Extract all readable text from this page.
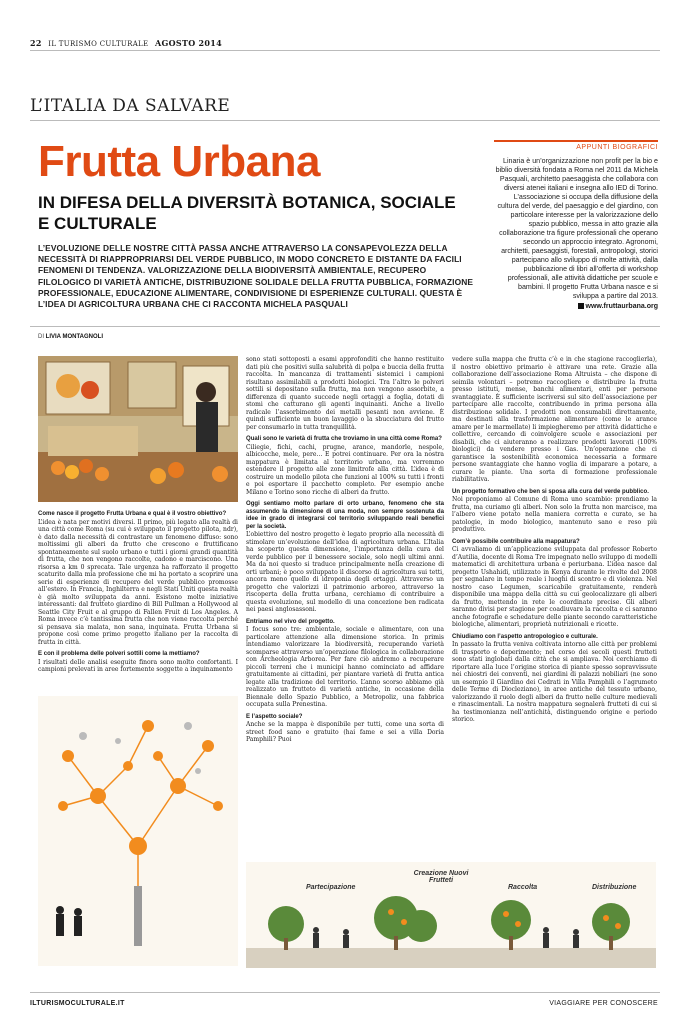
22 IL TURISMO CULTURALE AGOSTO 2014
L’ITALIA DA SALVARE
Frutta Urbana
IN DIFESA DELLA DIVERSITÀ BOTANICA, SOCIALE E CULTURALE
L’EVOLUZIONE DELLE NOSTRE CITTÀ PASSA ANCHE ATTRAVERSO LA CONSAPEVOLEZZA DELLA NECESSITÀ DI RIAPPROPRIARSI DEL VERDE PUBBLICO, IN MODO CONCRETO E DISTANTE DA FACILI FENOMENI DI TENDENZA. VALORIZZAZIONE DELLA BIODIVERSITÀ AMBIENTALE, RECUPERO FILOLOGICO DI VARIETÀ ANTICHE, DISTRIBUZIONE SOLIDALE DELLA FRUTTA PUBBLICA, FORMAZIONE PROFESSIONALE, EDUCAZIONE ALIMENTARE, CONDIVISIONE DI ESPERIENZE CULTURALI. QUESTA È L’IDEA DI AGRICOLTURA URBANA CHE CI RACCONTA MICHELA PASQUALI
APPUNTI BIOGRAFICI
Linaria è un’organizzazione non profit per la bio e biblio diversità fondata a Roma nel 2011 da Michela Pasquali, architetto paesaggista che collabora con diversi atenei italiani e insegna allo IED di Torino. L’associazione si occupa della diffusione della cultura del verde, del paesaggio e del giardino, con particolare interesse per la valorizzazione dello spazio pubblico, messa in atto grazie alla collaborazione tra figure professionali che operano secondo un approccio integrato. Agronomi, architetti, paesaggisti, forestali, antropologi, storici partecipano allo sviluppo di molte attività, dalla pubblicazione di libri all’offerta di workshop professionali, alle attività didattiche per scuole e bambini. Il progetto Frutta Urbana nasce e si sviluppa a partire dal 2013.
www.fruttaurbana.org
DI LIVIA MONTAGNOLI

Come nasce il progetto Frutta Urbana e qual è il vostro obiettivo?

L’idea è nata per motivi diversi. Il primo, più legato alla realtà di una città come Roma (su cui è sviluppato il progetto pilota, ndr), è dato dalla necessità di contrastare un fenomeno diffuso: sono moltissimi gli alberi da frutto che crescono e fruttificano spontaneamente sul suolo urbano e tutti i giorni grandi quantità di frutta, che non vengono raccolte, cadono e marciscono. Una risorsa a km 0 sprecata. Tale urgenza ha rafforzato il progetto scaturito dalla mia professione che mi ha portato a scoprire una serie di esperienze di recupero del verde pubblico promosse all’estero. In Francia, Inghilterra e negli Stati Uniti questa realtà è già molto sviluppata da anni. Esistono molte iniziative interessanti: dal frutteto giardino di Bill Pullman a Hollywood al Seattle City Fruit e al gruppo di Fallen Fruit di Los Angeles. A Roma invece c’è tantissima frutta che non viene raccolta perché si pensava sia malata, non sana, inquinata. Frutta Urbana si propone così come primo progetto italiano per la raccolta di frutta in città.

E con il problema delle polveri sottili come la mettiamo?

I risultati delle analisi eseguite finora sono molto confortanti. I campioni prelevati in aree fortemente soggette a inquinamento

sono stati sottoposti a esami approfonditi che hanno restituito dati più che positivi sulla salubrità di polpa e buccia della frutta raccolta. In mancanza di trattamenti sistemici i campioni risultano assimilabili a prodotti biologici. Tra l’altro le polveri sottili si depositano sulla frutta, ma non vengono assorbite, a differenza di quanto succede negli ortaggi a foglia, dotati di stomi che catturano gli agenti inquinanti. Anche a livello radicale l’assorbimento dei metalli pesanti non avviene. È quindi sufficiente un buon lavaggio o la sbucciatura del frutto per consumarlo in tutta tranquillità.

Quali sono le varietà di frutta che troviamo in una città come Roma?

Ciliegie, fichi, cachi, prugne, arance, mandorle, nespole, albicocche, mele, pere… E potrei continuare. Per ora la nostra mappatura è limitata al territorio urbano, ma vorremmo estendere il progetto alle zone limitrofe alla città. L’idea è di costruire un modello pilota che funzioni al 100% su tutti i fronti e poi esportare il pacchetto completo. Per esempio anche Milano e Torino sono ricche di alberi da frutto.

Oggi sentiamo molto parlare di orto urbano, fenomeno che sta assumendo la dimensione di una moda, non sempre sostenuta da idee in grado di integrarsi col territorio sviluppando reali benefici per la società.

L’obiettivo del nostro progetto è legato proprio alla necessità di stimolare un’evoluzione dell’idea di agricoltura urbana. L’Italia ha scoperto questa dimensione, l’importanza della cura del verde pubblico per il benessere sociale, solo negli ultimi anni. Ma da noi questo si traduce principalmente nella creazione di orti urbani; è poco sviluppato il discorso di agricoltura sui tetti, ancora meno quello di idroponia degli ortaggi. Attraverso un progetto che valorizzi il patrimonio arboreo, attraverso la riscoperta della frutta urbana, cerchiamo di contribuire a questa evoluzione, sul modello di una concezione ben radicata nei paesi anglosassoni.

Entriamo nel vivo del progetto.

I focus sono tre: ambientale, sociale e alimentare, con una particolare attenzione alla dimensione storica. In primis intendiamo valorizzare la biodiversità, recuperando varietà scomparse attraverso un’operazione filologica in collaborazione con Archeologia Arborea. Per fare ciò andremo a recuperare piccoli terreni che i municipi hanno cominciato ad affidare gratuitamente ai cittadini, per piantare varietà di frutta antica legate alla tradizione del territorio. L’anno scorso abbiamo già realizzato un frutteto di varietà antiche, in occasione della Biennale dello Spazio Pubblico, a Metropoliz, una fabbrica occupata sulla Prenestina.

E l’aspetto sociale?

Anche se la mappa è disponibile per tutti, come una sorta di street food sano e gratuito (hai fame e sei a villa Doria Pamphili? Puoi

vedere sulla mappa che frutta c’è e in che stagione raccoglierla), il nostro obiettivo primario è attivare una rete. Grazie alla collaborazione dell’associazione Roma Altruista – che dispone di seimila volontari – potremo raccogliere e distribuire la frutta presso istituti, mense, banchi alimentari, enti per persone svantaggiate. È sufficiente iscriversi sul sito dell’associazione per partecipare alle raccolte, contribuendo in prima persona alla distribuzione solidale. I prodotti non consumabili direttamente, ma destinati alla trasformazione alimentare (come le arance amare per le marmellate) li impiegheremo per attività didattiche e collettive, cercando di coinvolgere scuole e associazioni per disabili, che ci aiuteranno a realizzare prodotti lavorati (100% biologici) da vendere presso i Gas. Un’operazione che ci garantisce la sostenibilità economica necessaria a formare persone svantaggiate che hanno voglia di imparare a potare, a curare le piante. Una sorta di formazione professionale riabilitativa.

Un progetto formativo che ben si sposa alla cura del verde pubblico.

Noi proponiamo al Comune di Roma uno scambio: prendiamo la frutta, ma curiamo gli alberi. Non solo la frutta non marcisce, ma l’albero viene potato nella maniera corretta e curato, se ha patologie, in modo biologico, mantenuto sano e reso più produttivo.

Com’è possibile contribuire alla mappatura?

Ci avvaliamo di un’applicazione sviluppata dal professor Roberto d’Autilia, docente di Roma Tre impegnato nello sviluppo di modelli matematici di architettura urbana e periurbana. L’idea nasce dal progetto Ushahidi, utilizzato in Kenya durante le rivolte del 2008 per segnalare in tempo reale i luoghi di scontro e di violenza. Nel nostro caso Legumen, scaricabile gratuitamente, renderà disponibile una mappa della città su cui geolocalizzare gli alberi da frutto, mettendo in rete le coordinate precise. Gli alberi saranno divisi per stagione per coadiuvare la raccolta e ci saranno anche fotografie e schedature delle piante secondo caratteristiche biologiche, alimentari, proprietà nutrizionali e ricette.

Chiudiamo con l’aspetto antropologico e culturale.

In passato la frutta veniva coltivata intorno alle città per problemi di trasporto e deperimento; nel corso dei secoli questi frutteti sono stati inglobati dalla città che si ampliava. Noi cerchiamo di riportare alla luce l’origine storica di piante spesso sopravvissute nei chiostri dei conventi, nei giardini di palazzi nobiliari (ne sono un esempio il Giardino dei Cedrati in Villa Pamphili o l’agrumeto delle Terme di Diocleziano), in aree antiche del tessuto urbano, valorizzando il ruolo degli alberi da frutto nelle culture medievali e rinascimentali. La nostra mappatura segnalerà frutteti di cui si ha testimonianza nell’antichità, distinguendo origine e periodo storico.

Partecipazione
Creazione Nuovi Frutteti
Raccolta	Distribuzione
ILTURISMOCULTURALE.IT	VIAGGIARE PER CONOSCERE
